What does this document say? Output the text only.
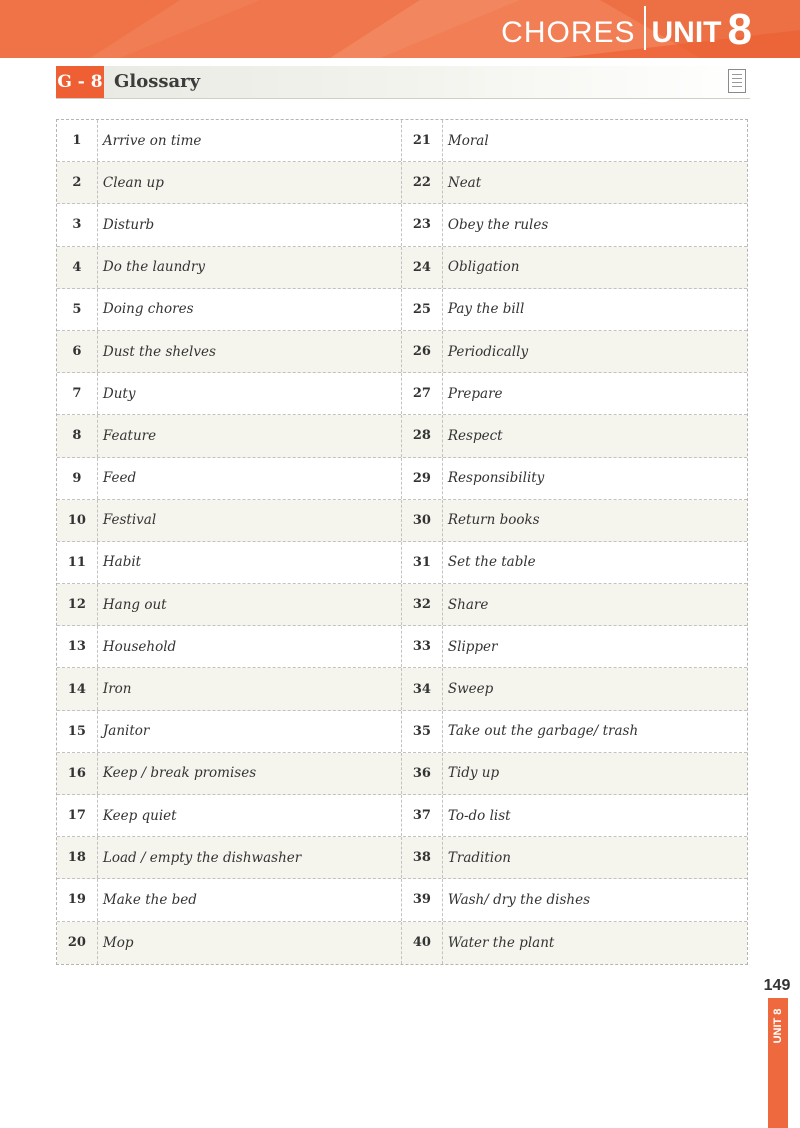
CHORES UNIT 8
G - 8 Glossary
1	Arrive on time	21	Moral
2	Clean up	22	Neat
3	Disturb	23	Obey the rules
4	Do the laundry	24	Obligation
5	Doing chores	25	Pay the bill
6	Dust the shelves	26	Periodically
7	Duty	27	Prepare
8	Feature	28	Respect
9	Feed	29	Responsibility
10	Festival	30	Return books
11	Habit	31	Set the table
12	Hang out	32	Share
13	Household	33	Slipper
14	Iron	34	Sweep
15	Janitor	35	Take out the garbage/ trash
16	Keep / break promises	36	Tidy up
17	Keep quiet	37	To-do list
18	Load / empty the dishwasher	38	Tradition
19	Make the bed	39	Wash/ dry the dishes
20	Mop	40	Water the plant
149
UNIT 8
